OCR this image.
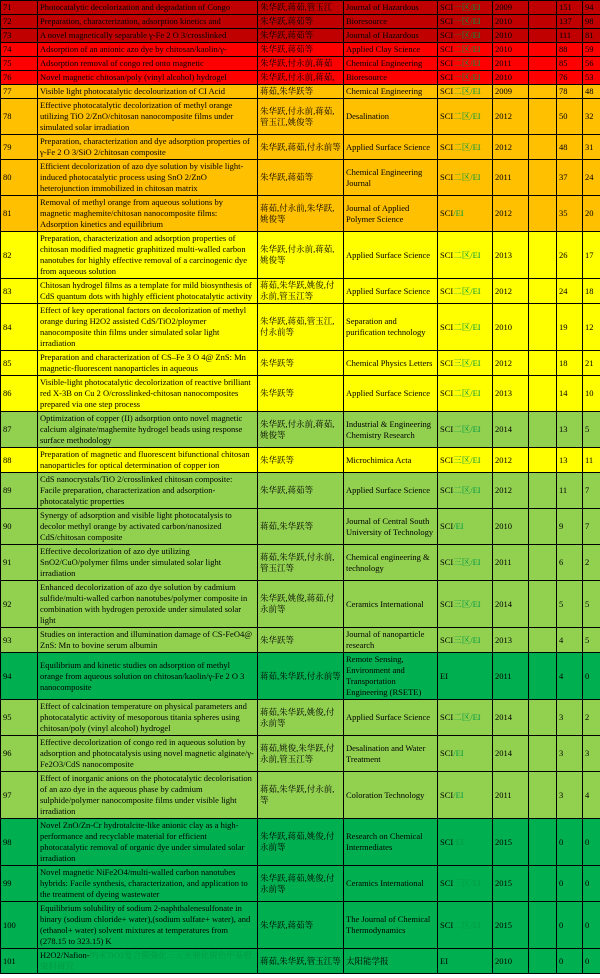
71	Photocatalytic decolorization and degradation of Congo	朱华跃,蒋茹,管玉江	Journal of Hazardous	SCI一区/EI	2009		151	94
72	Preparation, characterization, adsorption kinetics and	朱华跃,蒋茹等	Bioresource	SCI一区/EI	2010		137	98
73	A novel magnetically separable γ-Fe 2 O 3/crosslinked	朱华跃,蒋茹等	Journal of Hazardous	SCI一区/EI	2010		111	81
74	Adsorption of an anionic azo dye by chitosan/kaolin/γ-	朱华跃,蒋茹等	Applied Clay Science	SCI二区/EI	2010		88	59
75	Adsorption removal of congo red onto magnetic	朱华跃,付永前,蒋茹	Chemical Engineering	SCI二区/EI	2011		85	56
76	Novel magnetic chitosan/poly (vinyl alcohol) hydrogel	朱华跃,付永前,蒋茹,	Bioresource	SCI一区/EI	2010		76	53
77	Visible light photocatalytic decolourization of CI Acid	蒋茹,朱华跃等	Chemical Engineering	SCI二区/EI	2009		78	48
78	Effective photocatalytic decolorization of methyl orange utilizing TiO 2/ZnO/chitosan nanocomposite films under simulated solar irradiation	朱华跃,付永前,蒋茹,管玉江,姚俊等	Desalination	SCI二区/EI	2012		50	32
79	Preparation, characterization and dye adsorption properties of γ-Fe 2 O 3/SiO 2/chitosan composite	朱华跃,蒋茹,付永前等	Applied Surface Science	SCI二区/EI	2012		48	31
80	Efficient decolorization of azo dye solution by visible light-induced photocatalytic process using SnO 2/ZnO heterojunction immobilized in chitosan matrix	朱华跃,蒋茹等	Chemical Engineering Journal	SCI二区/EI	2011		37	24
81	Removal of methyl orange from aqueous solutions by magnetic maghemite/chitosan nanocomposite films: Adsorption kinetics and equilibrium	蒋茹,付永前,朱华跃,姚俊等	Journal of Applied Polymer Science	SCI/EI	2012		35	20
82	Preparation, characterization and adsorption properties of chitosan modified magnetic graphitized multi-walled carbon nanotubes for highly effective removal of a carcinogenic dye from aqueous solution	朱华跃,付永前,蒋茹,姚俊等	Applied Surface Science	SCI二区/EI	2013		26	17
83	Chitosan hydrogel films as a template for mild biosynthesis of CdS quantum dots with highly efficient photocatalytic activity	蒋茹,朱华跃,姚俊,付永前,管玉江等	Applied Surface Science	SCI二区/EI	2012		24	18
84	Effect of key operational factors on decolorization of methyl orange during H2O2 assisted CdS/TiO2/ploymer nanocomposite thin films under simulated solar light irradiation	朱华跃,蒋茹,管玉江,付永前等	Separation and purification technology	SCI二区/EI	2010		19	12
85	Preparation and characterization of CS–Fe 3 O 4@ ZnS: Mn magnetic-fluorescent nanoparticles in aqueous	朱华跃等	Chemical Physics Letters	SCI三区/EI	2012		18	21
86	Visible-light photocatalytic decolorization of reactive brilliant red X-3B on Cu 2 O/crosslinked-chitosan nanocomposites prepared via one step process	朱华跃等	Applied Surface Science	SCI二区/EI	2013		14	10
87	Optimization of copper (II) adsorption onto novel magnetic calcium alginate/maghemite hydrogel beads using response surface methodology	朱华跃,付永前,蒋茹,姚俊等	Industrial & Engineering Chemistry Research	SCI二区/EI	2014		13	5
88	Preparation of magnetic and fluorescent bifunctional chitosan nanoparticles for optical determination of copper ion	朱华跃等	Microchimica Acta	SCI三区/EI	2012		13	11
89	CdS nanocrystals/TiO 2/crosslinked chitosan composite: Facile preparation, characterization and adsorption-photocatalytic properties	朱华跃,蒋茹等	Applied Surface Science	SCI二区/EI	2012		11	7
90	Synergy of adsorption and visible light photocatalysis to decolor methyl orange by activated carbon/nanosized CdS/chitosan composite	蒋茹,朱华跃等	Journal of Central South University of Technology	SCI/EI	2010		9	7
91	Effective decolorization of azo dye utilizing SnO2/CuO/polymer films under simulated solar light irradiation	蒋茹,朱华跃,付永前,管玉江等	Chemical engineering & technology	SCI三区/EI	2011		6	2
92	Enhanced decolorization of azo dye solution by cadmium sulfide/multi-walled carbon nanotubes/polymer composite in combination with hydrogen peroxide under simulated solar light	朱华跃,姚俊,蒋茹,付永前等	Ceramics International	SCI三区/EI	2014		5	5
93	Studies on interaction and illumination damage of CS-FeO4@ ZnS: Mn to bovine serum albumin	朱华跃等	Journal of nanoparticle research	SCI三区/EI	2013		4	5
94	Equilibrium and kinetic studies on adsorption of methyl orange from aqueous solution on chitosan/kaolin/γ-Fe 2 O 3 nanocomposite	蒋茹,朱华跃,付永前等	Remote Sensing, Environment and Transportation Engineering (RSETE)	EI	2011		4	0
95	Effect of calcination temperature on physical parameters and photocatalytic activity of mesoporous titania spheres using chitosan/poly (vinyl alcohol) hydrogel	蒋茹,朱华跃,姚俊,付永前等	Applied Surface Science	SCI二区/EI	2014		3	2
96	Effective decolorization of congo red in aqueous solution by adsorption and photocatalysis using novel magnetic alginate/γ-Fe2O3/CdS nanocomposite	蒋茹,姚俊,朱华跃,付永前,管玉江等	Desalination and Water Treatment	SCI/EI	2014		3	3
97	Effect of inorganic anions on the photocatalytic decolorisation of an azo dye in the aqueous phase by cadmium sulphide/polymer nanocomposite films under visible light irradiation	蒋茹,朱华跃,付永前,等	Coloration Technology	SCI/EI	2011		3	4
98	Novel ZnO/Zn-Cr hydrotalcite-like anionic clay as a high-performance and recyclable material for efficient photocatalytic removal of organic dye under simulated solar irradiation	朱华跃,蒋茹,姚俊,付永前等	Research on Chemical Intermediates	SCI/EI	2015		0	0
99	Novel magnetic NiFe2O4/multi-walled carbon nanotubes hybrids: Facile synthesis, characterization, and application to the treatment of dyeing wastewater	朱华跃,蒋茹,姚俊,付永前等	Ceramics International	SCI三区/EI	2015		0	0
100	Equilibrium solubility of sodium 2-naphthalenesulfonate in binary (sodium chloride+ water),(sodium sulfate+ water), and (ethanol+ water) solvent mixtures at temperatures from (278.15 to 323.15) K	朱华跃,蒋茹等	The Journal of Chemical Thermodynamics	SCI二区/EI	2015		0	0
101	H2O2/Nafion-纳米TiO2复合膜强化三元光催化脱色甲基橙染料研究	蒋茹,朱华跃,管玉江等	太阳能学报	EI	2010		0	0
